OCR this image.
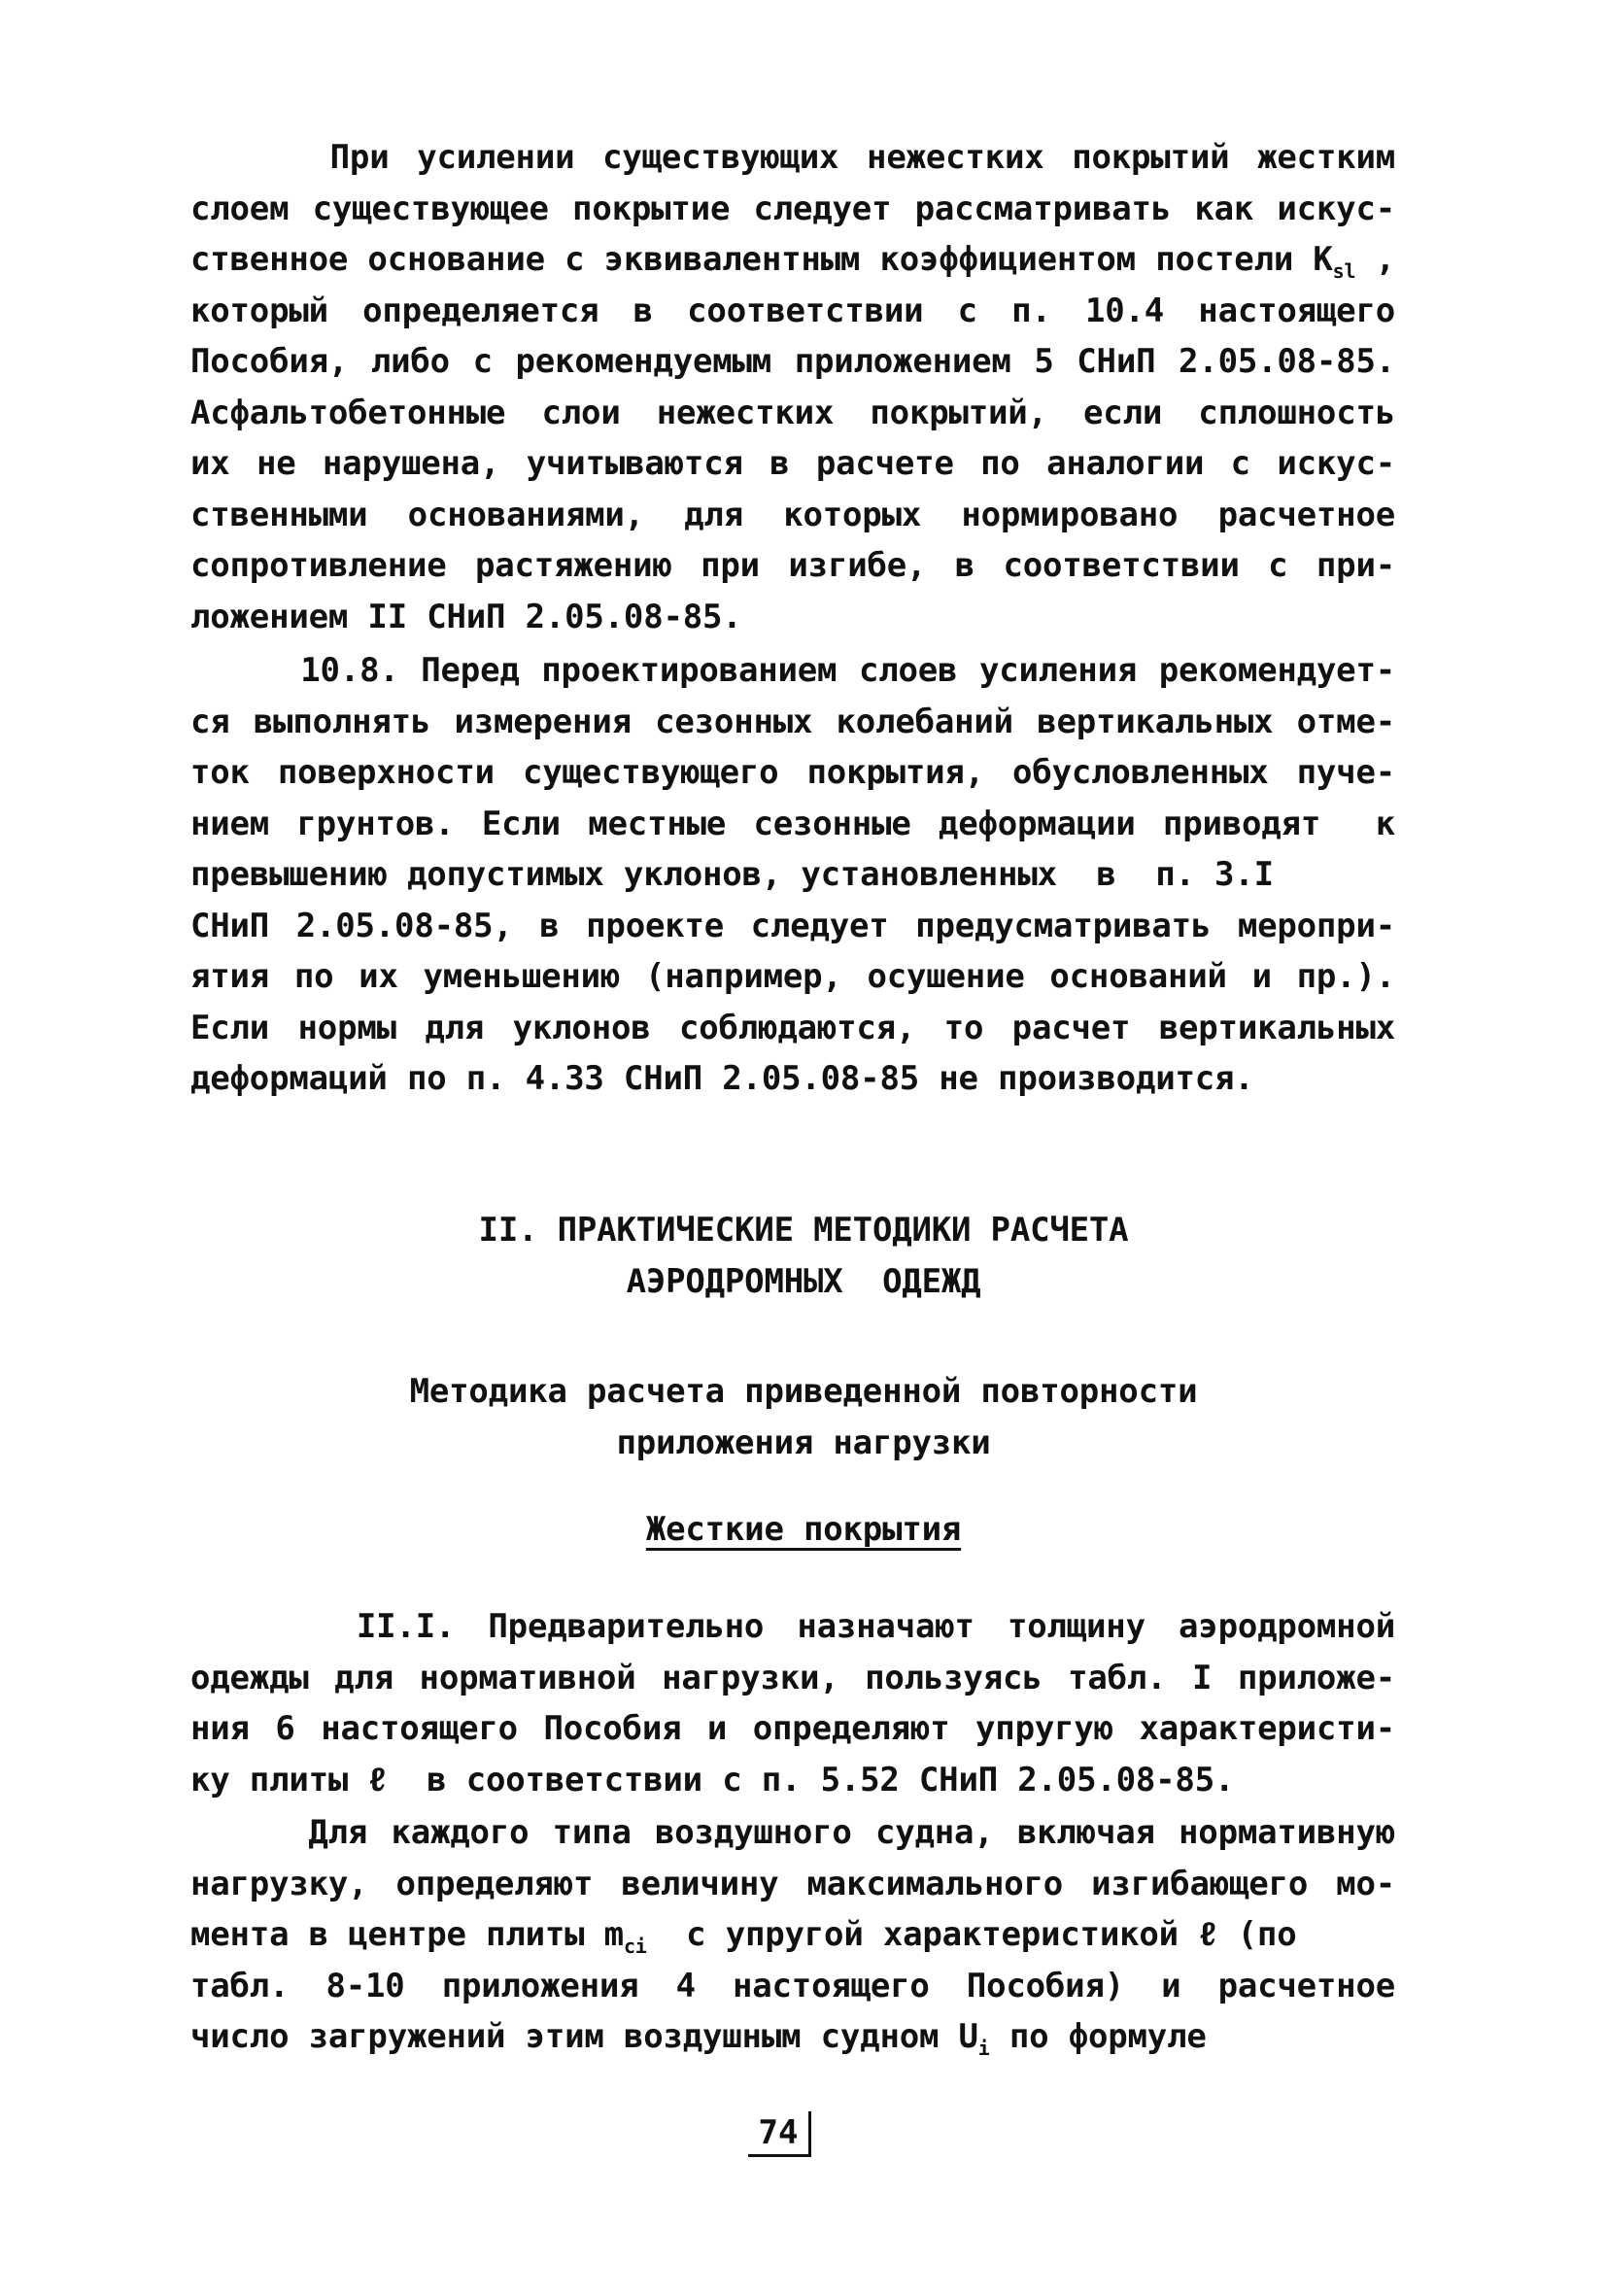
При усилении существующих нежестких покрытий жестким
слоем существующее покрытие следует рассматривать как искус-
ственное основание с эквивалентным коэффициентом постели $K_{sl}$ ,
который определяется в соответствии с п. 10.4 настоящего
Пособия, либо с рекомендуемым приложением 5 СНиП 2.05.08-85.
Асфальтобетонные слои нежестких покрытий, если сплошность
их не нарушена, учитываются в расчете по аналогии с искус-
ственными основаниями, для которых нормировано расчетное
сопротивление растяжению при изгибе, в соответствии с при-
ложением II СНиП 2.05.08-85.
10.8. Перед проектированием слоев усиления рекомендует-
ся выполнять измерения сезонных колебаний вертикальных отме-
ток поверхности существующего покрытия, обусловленных пуче-
нием грунтов. Если местные сезонные деформации приводят  к
превышению допустимых уклонов, установленных  в  п. 3.I
СНиП 2.05.08-85, в проекте следует предусматривать меропри-
ятия по их уменьшению (например, осушение оснований и пр.).
Если нормы для уклонов соблюдаются, то расчет вертикальных
деформаций по п. 4.33 СНиП 2.05.08-85 не производится.
II. ПРАКТИЧЕСКИЕ МЕТОДИКИ РАСЧЕТА
АЭРОДРОМНЫХ  ОДЕЖД
Методика расчета приведенной повторности
приложения нагрузки
Жесткие покрытия
II.I. Предварительно назначают толщину аэродромной
одежды для нормативной нагрузки, пользуясь табл. I приложе-
ния 6 настоящего Пособия и определяют упругую характеристи-
ку плиты ℓ  в соответствии с п. 5.52 СНиП 2.05.08-85.
Для каждого типа воздушного судна, включая нормативную
нагрузку, определяют величину максимального изгибающего мо-
мента в центре плиты $m_{ci}$  с упругой характеристикой ℓ (по
табл. 8-10 приложения 4 настоящего Пособия) и расчетное
число загружений этим воздушным судном $U_i$ по формуле
74
